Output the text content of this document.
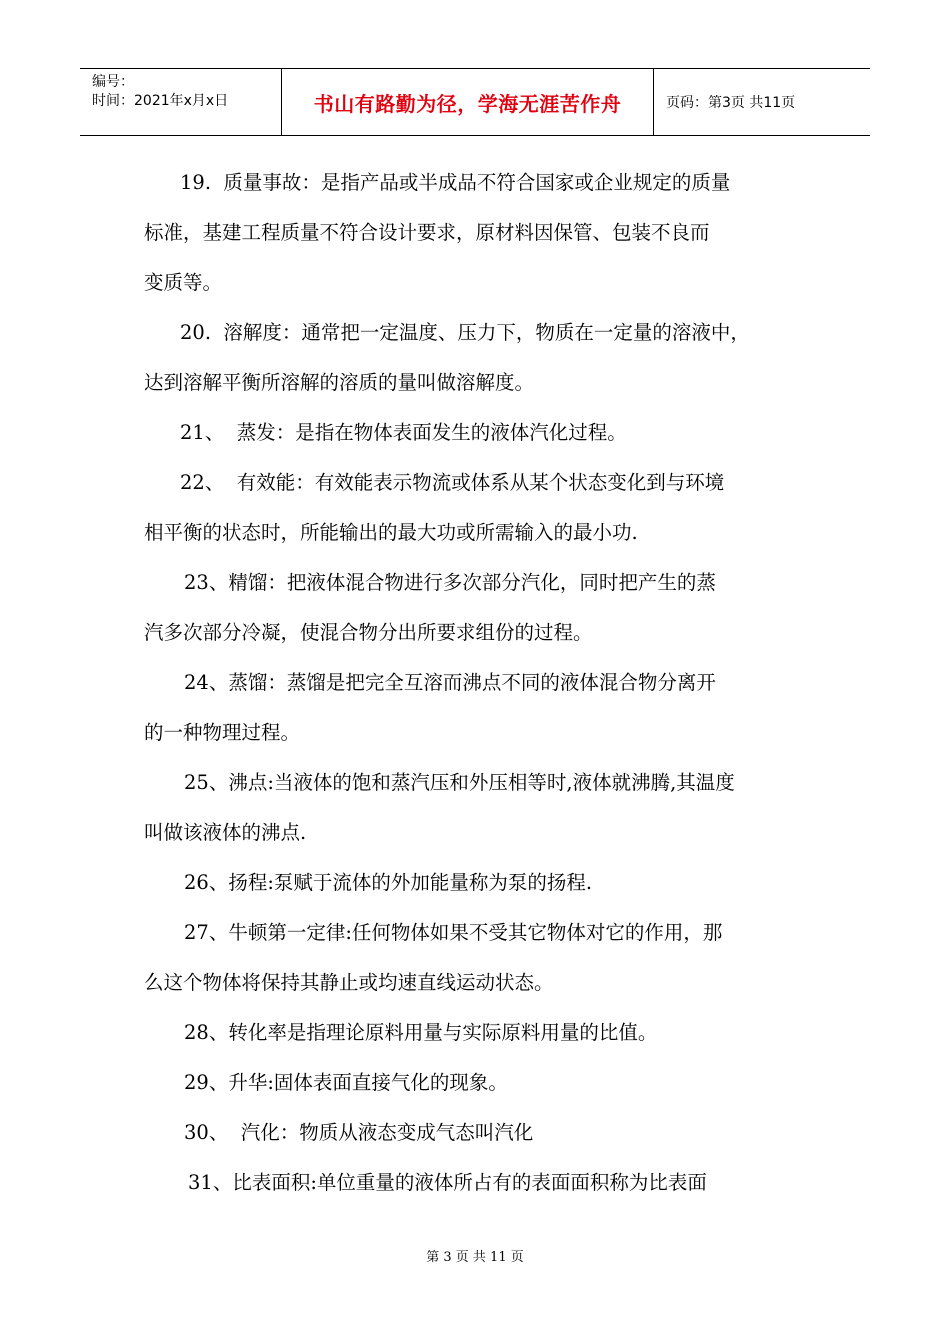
编号：
时间：2021年x月x日	书山有路勤为径，学海无涯苦作舟	页码：第3页 共11页
19.  质量事故：是指产品或半成品不符合国家或企业规定的质量
标准，基建工程质量不符合设计要求，原材料因保管、包装不良而
变质等。
20.  溶解度：通常把一定温度、压力下，物质在一定量的溶液中，
达到溶解平衡所溶解的溶质的量叫做溶解度。
21、  蒸发：是指在物体表面发生的液体汽化过程。
22、  有效能：有效能表示物流或体系从某个状态变化到与环境
相平衡的状态时，所能输出的最大功或所需输入的最小功.
23、精馏：把液体混合物进行多次部分汽化，同时把产生的蒸
汽多次部分冷凝，使混合物分出所要求组份的过程。
24、蒸馏：蒸馏是把完全互溶而沸点不同的液体混合物分离开
的一种物理过程。
25、沸点:当液体的饱和蒸汽压和外压相等时,液体就沸腾,其温度
叫做该液体的沸点.
26、扬程:泵赋于流体的外加能量称为泵的扬程.
27、牛顿第一定律:任何物体如果不受其它物体对它的作用，那
么这个物体将保持其静止或均速直线运动状态。
28、转化率是指理论原料用量与实际原料用量的比值。
29、升华:固体表面直接气化的现象。
30、  汽化：物质从液态变成气态叫汽化
31、比表面积:单位重量的液体所占有的表面面积称为比表面
第 3 页 共 11 页
